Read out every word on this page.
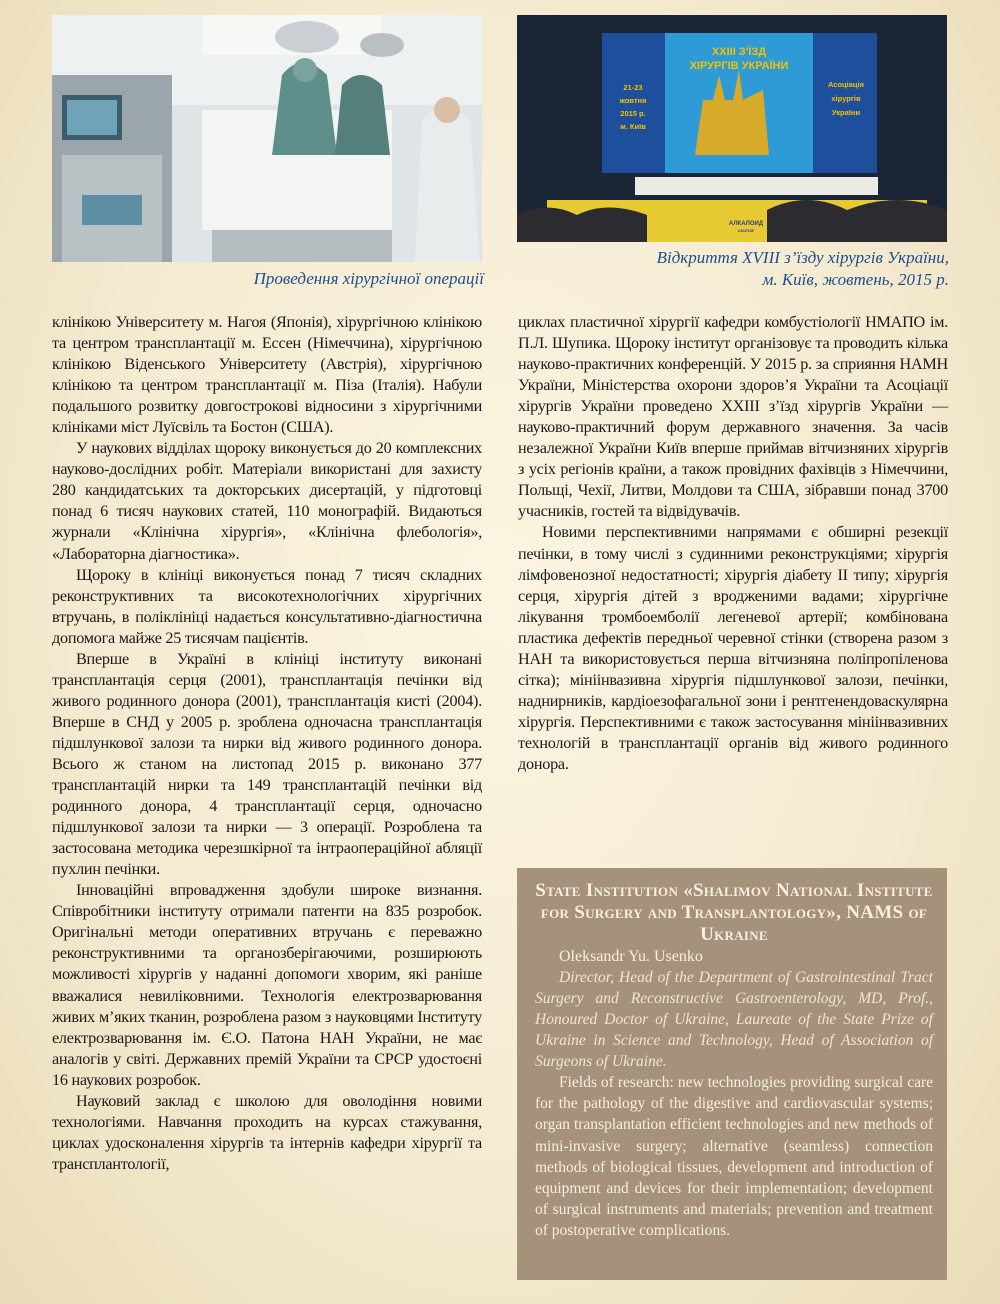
Проведення хірургічної операції
XXIII З'ЇЗД
ХІРУРГІВ УКРАЇНИ
21-23
жовтня
2015 р.
м. Київ
Асоціація
хірургів
України
АЛКАЛОИД
СКОПЈЕ
Відкриття XVIII з’їзду хірургів України,
м. Київ, жовтень, 2015 р.

клінікою Університету м. Нагоя (Японія), хірургічною клінікою та центром трансплантації м. Ессен (Німеччина), хірургічною клінікою Віденського Університету (Австрія), хірургічною клінікою та центром трансплантації м. Піза (Італія). Набули подальшого розвитку довгострокові відносини з хірургічними клініками міст Луїсвіль та Бостон (США).

У наукових відділах щороку виконується до 20 комплексних науково-дослідних робіт. Матеріали використані для захисту 280 кандидатських та докторських дисертацій, у підготовці понад 6 тисяч наукових статей, 110 монографій. Видаються журнали «Клінічна хірургія», «Клінічна флебологія», «Лабораторна діагностика».

Щороку в клініці виконується понад 7 тисяч складних реконструктивних та високотехнологічних хірургічних втручань, в поліклініці надається консультативно-діагностична допомога майже 25 тисячам пацієнтів.

Вперше в Україні в клініці інституту виконані трансплантація серця (2001), трансплантація печінки від живого родинного донора (2001), трансплантація кисті (2004). Вперше в СНД у 2005 р. зроблена одночасна трансплантація підшлункової залози та нирки від живого родинного донора. Всього ж станом на листопад 2015 р. виконано 377 трансплантацій нирки та 149 трансплантацій печінки від родинного донора, 4 трансплантації серця, одночасно підшлункової залози та нирки — 3 операції. Розроблена та застосована методика черезшкірної та інтраопераційної абляції пухлин печінки.

Інноваційні впровадження здобули широке визнання. Співробітники інституту отримали патенти на 835 розробок. Оригінальні методи оперативних втручань є переважно реконструктивними та органозберігаючими, розширюють можливості хірургів у наданні допомоги хворим, які раніше вважалися невиліковними. Технологія електрозварювання живих м’яких тканин, розроблена разом з науковцями Інституту електрозварювання ім. Є.О. Патона НАН України, не має аналогів у світі. Державних премій України та СРСР удостоєні 16 наукових розробок.

Науковий заклад є школою для оволодіння новими технологіями. Навчання проходить на курсах стажування, циклах удосконалення хірургів та інтернів кафедри хірургії та трансплантології,

циклах пластичної хірургії кафедри комбустіології НМАПО ім. П.Л. Шупика. Щороку інститут організовує та проводить кілька науково-практичних конференцій. У 2015 р. за сприяння НАМН України, Міністерства охорони здоров’я України та Асоціації хірургів України проведено XXIII з’їзд хірургів України — науково-практичний форум державного значення. За часів незалежної України Київ вперше приймав вітчизняних хірургів з усіх регіонів країни, а також провідних фахівців з Німеччини, Польщі, Чехії, Литви, Молдови та США, зібравши понад 3700 учасників, гостей та відвідувачів.

Новими перспективними напрямами є обширні резекції печінки, в тому числі з судинними реконструкціями; хірургія лімфовенозної недостатності; хірургія діабету II типу; хірургія серця, хірургія дітей з вродженими вадами; хірургічне лікування тромбоемболії легеневої артерії; комбінована пластика дефектів передньої черевної стінки (створена разом з НАН та використовується перша вітчизняна поліпропіленова сітка); мініінвазивна хірургія підшлункової залози, печінки, наднирників, кардіоезофагальної зони і рентгенендоваскулярна хірургія. Перспективними є також застосування мініінвазивних технологій в трансплантації органів від живого родинного донора.

State Institution «Shalimov National Institute for Surgery and Transplantology», NAMS of Ukraine

Oleksandr Yu. Usenko

Director, Head of the Department of Gastrointestinal Tract Surgery and Reconstructive Gastroenterology, MD, Prof., Honoured Doctor of Ukraine, Laureate of the State Prize of Ukraine in Science and Technology, Head of Association of Surgeons of Ukraine.

Fields of research: new technologies providing surgical care for the pathology of the digestive and cardiovascular systems; organ transplantation efficient technologies and new methods of mini-invasive surgery; alternative (seamless) connection methods of biological tissues, development and introduction of equipment and devices for their implementation; development of surgical instruments and materials; prevention and treatment of postoperative complications.
